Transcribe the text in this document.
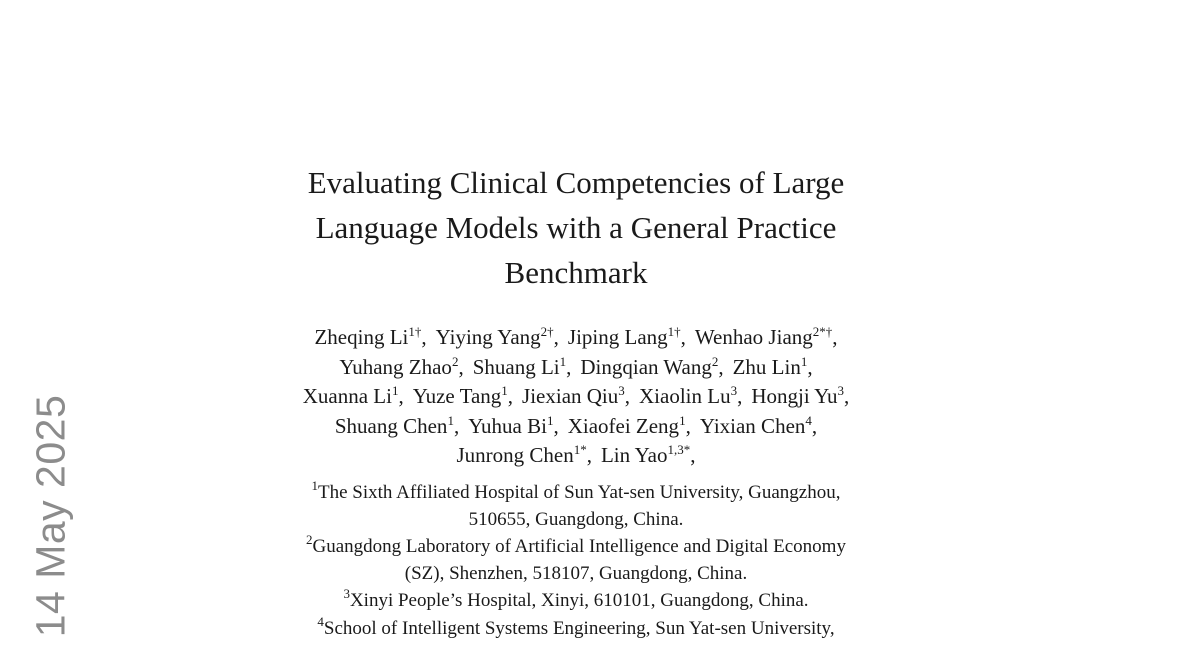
14 May 2025
Evaluating Clinical Competencies of Large
Language Models with a General Practice
Benchmark
Zheqing $Li^{1\dagger}$, Yiying Yang$^{2\dagger}$, Jiping Lang$^{1\dagger}$, Wenhao Jiang$^{2*\dagger}$,
Yuhang Zhao$^2$, Shuang Li$^1$, Dingqian Wang$^2$, Zhu Lin$^1$,
Xuanna Li$^1$, Yuze Tang$^1$, Jiexian Qiu$^3$, Xiaolin Lu$^3$, Hongji Yu$^3$,
Shuang Chen$^1$, Yuhua Bi$^1$, Xiaofei Zeng$^1$, Yixian Chen$^4$,
Junrong Chen$^{1*}$, Lin Yao$^{1,3*}$,
$^1$The Sixth Affiliated Hospital of Sun Yat-sen University, Guangzhou,
510655, Guangdong, China.
$^2$Guangdong Laboratory of Artificial Intelligence and Digital Economy
(SZ), Shenzhen, 518107, Guangdong, China.
$^3$Xinyi People’s Hospital, Xinyi, 610101, Guangdong, China.
$^4$School of Intelligent Systems Engineering, Sun Yat-sen University,
